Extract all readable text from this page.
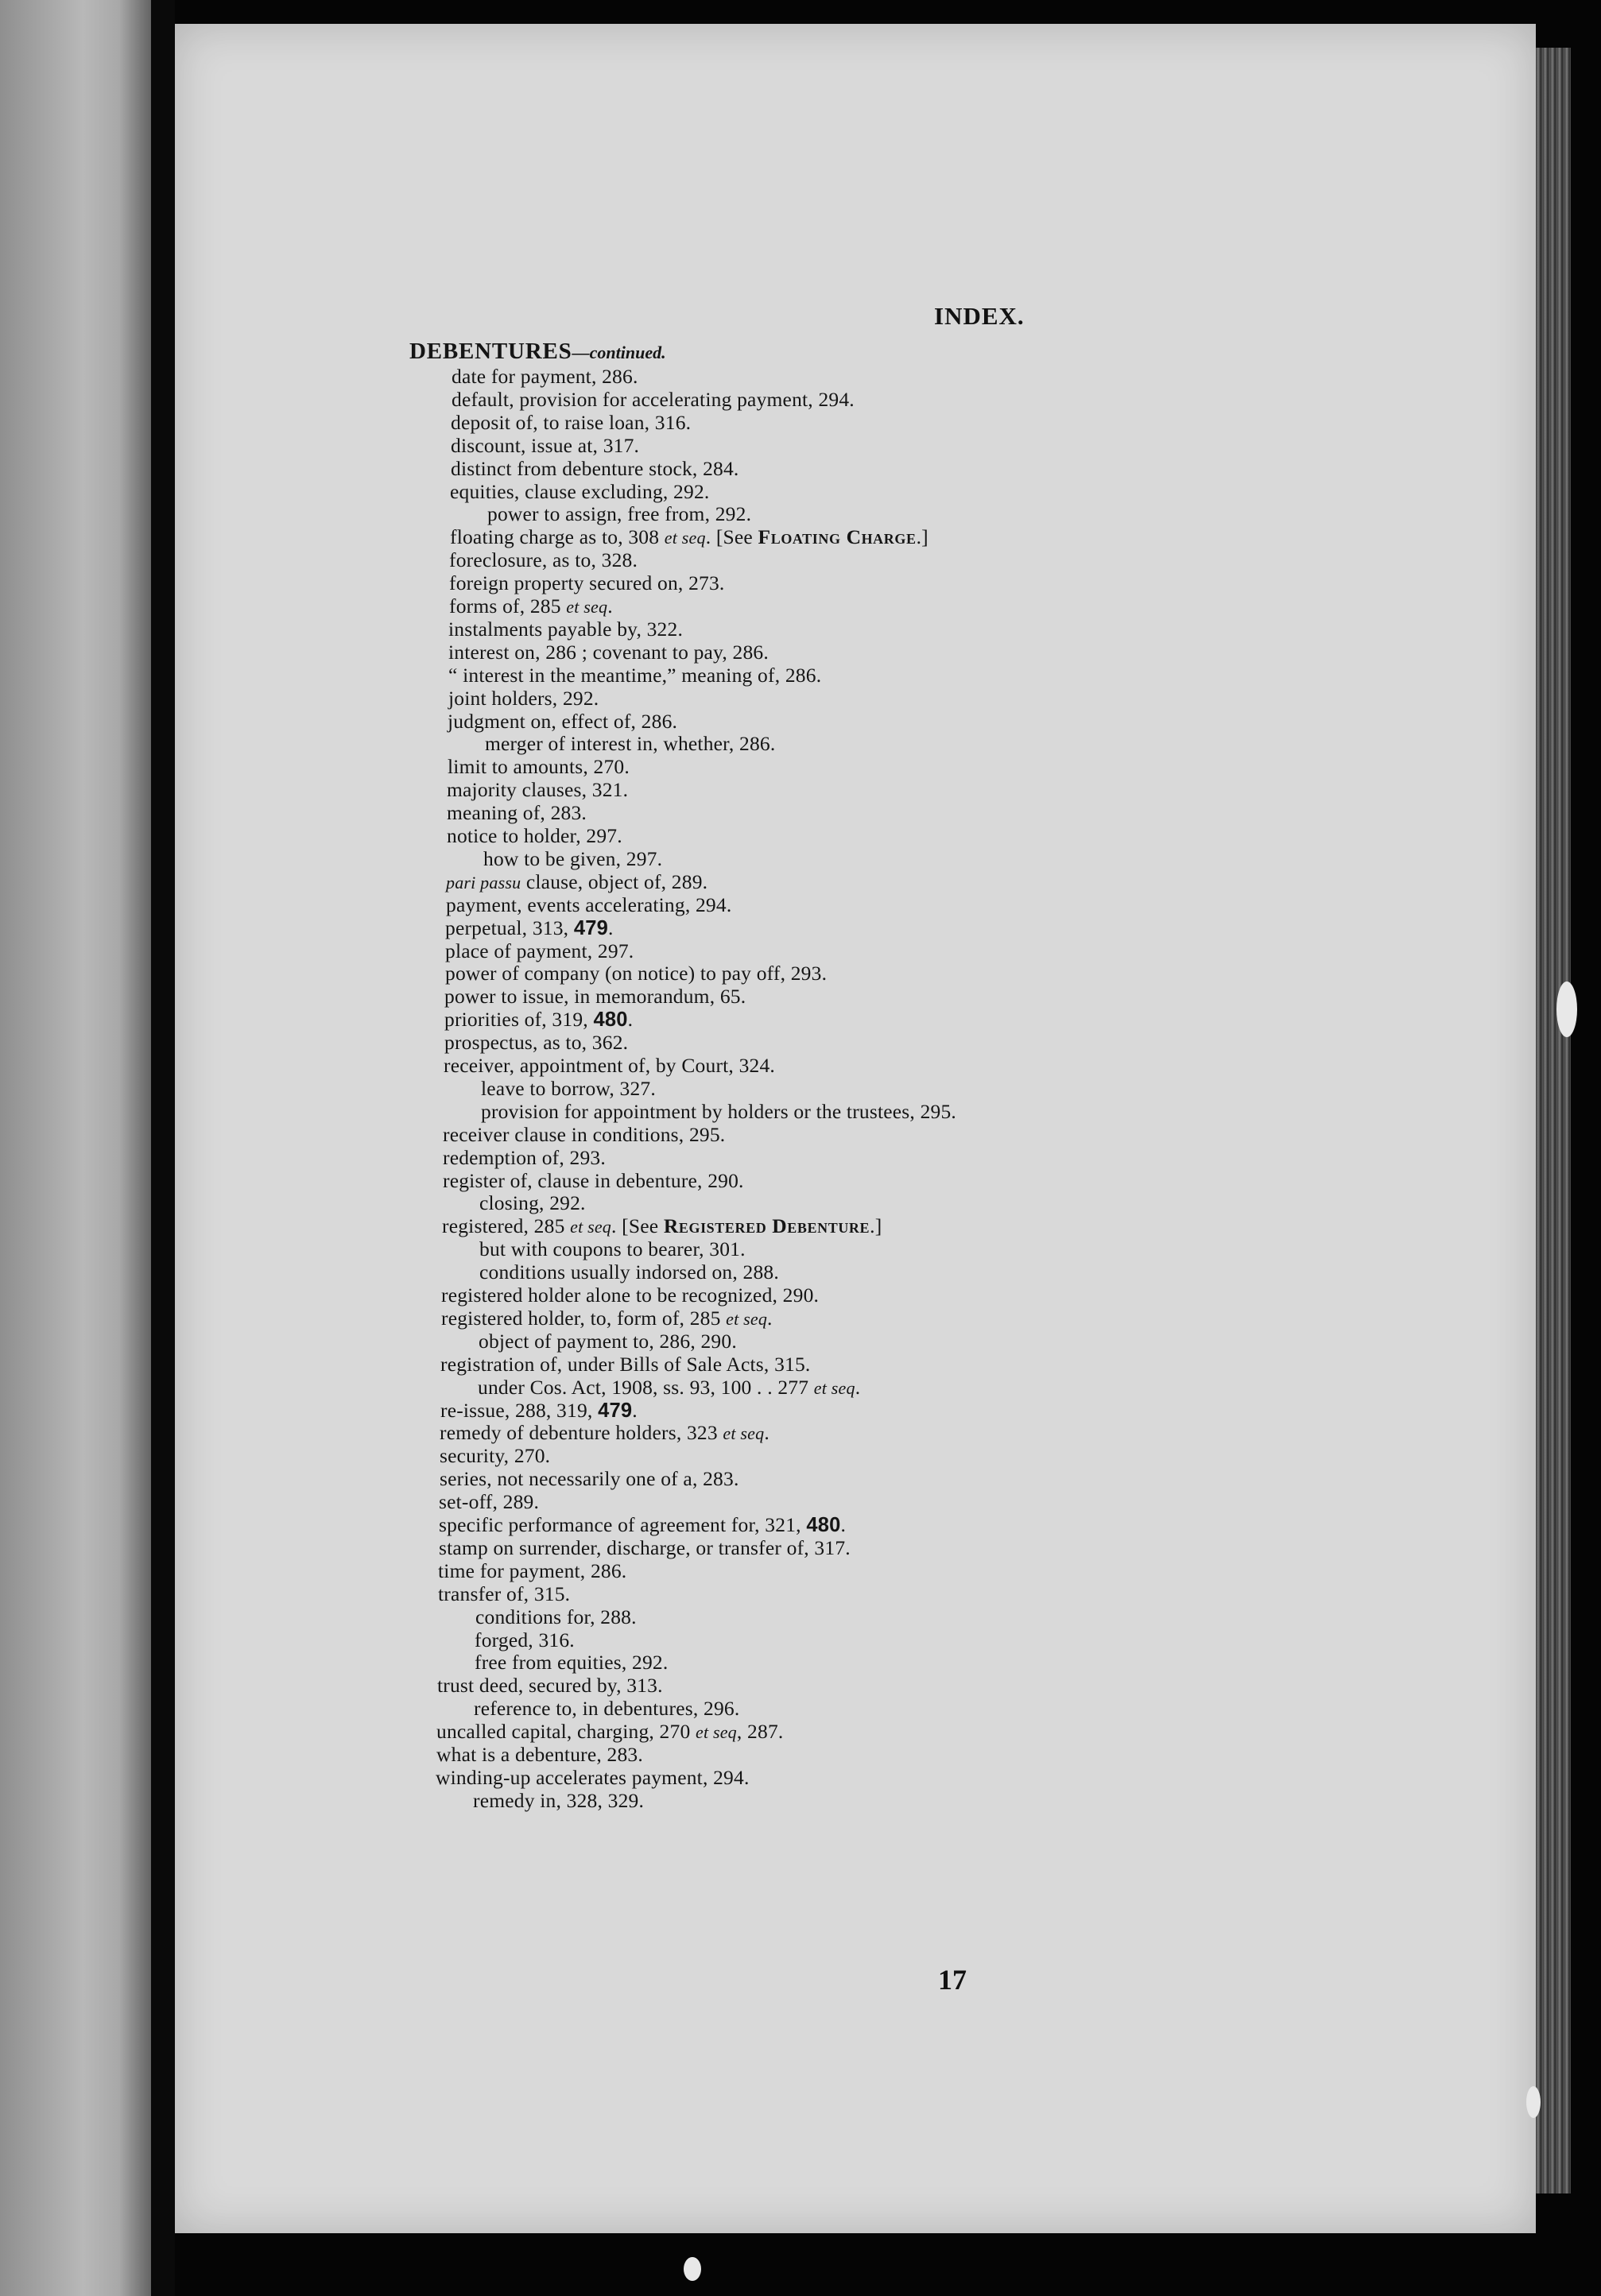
INDEX.
DEBENTURES—continued.
date for payment, 286.
default, provision for accelerating payment, 294.
deposit of, to raise loan, 316.
discount, issue at, 317.
distinct from debenture stock, 284.
equities, clause excluding, 292.
power to assign, free from, 292.
floating charge as to, 308 et seq. [See Floating Charge.]
foreclosure, as to, 328.
foreign property secured on, 273.
forms of, 285 et seq.
instalments payable by, 322.
interest on, 286 ; covenant to pay, 286.
“ interest in the meantime,” meaning of, 286.
joint holders, 292.
judgment on, effect of, 286.
merger of interest in, whether, 286.
limit to amounts, 270.
majority clauses, 321.
meaning of, 283.
notice to holder, 297.
how to be given, 297.
pari passu clause, object of, 289.
payment, events accelerating, 294.
perpetual, 313, 479.
place of payment, 297.
power of company (on notice) to pay off, 293.
power to issue, in memorandum, 65.
priorities of, 319, 480.
prospectus, as to, 362.
receiver, appointment of, by Court, 324.
leave to borrow, 327.
provision for appointment by holders or the trustees, 295.
receiver clause in conditions, 295.
redemption of, 293.
register of, clause in debenture, 290.
closing, 292.
registered, 285 et seq. [See Registered Debenture.]
but with coupons to bearer, 301.
conditions usually indorsed on, 288.
registered holder alone to be recognized, 290.
registered holder, to, form of, 285 et seq.
object of payment to, 286, 290.
registration of, under Bills of Sale Acts, 315.
under Cos. Act, 1908, ss. 93, 100 . . 277 et seq.
re-issue, 288, 319, 479.
remedy of debenture holders, 323 et seq.
security, 270.
series, not necessarily one of a, 283.
set-off, 289.
specific performance of agreement for, 321, 480.
stamp on surrender, discharge, or transfer of, 317.
time for payment, 286.
transfer of, 315.
conditions for, 288.
forged, 316.
free from equities, 292.
trust deed, secured by, 313.
reference to, in debentures, 296.
uncalled capital, charging, 270 et seq, 287.
what is a debenture, 283.
winding-up accelerates payment, 294.
remedy in, 328, 329.
17
